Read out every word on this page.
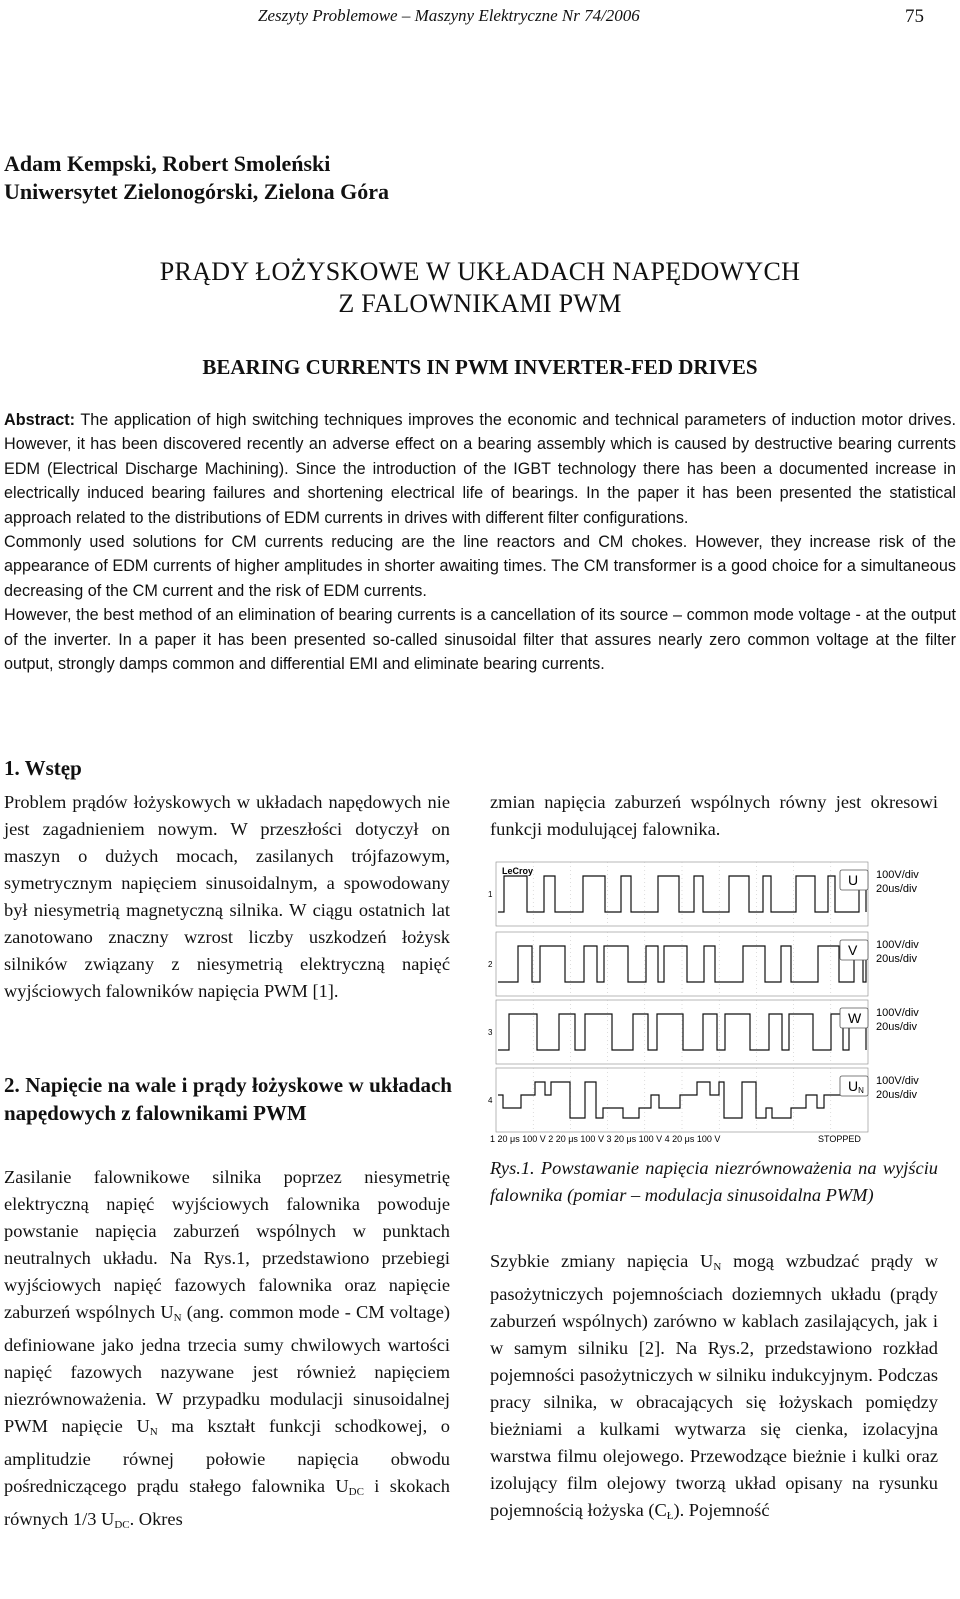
Zeszyty Problemowe – Maszyny Elektryczne Nr 74/2006	75
Adam Kempski, Robert Smoleński
Uniwersytet Zielonogórski, Zielona Góra
PRĄDY ŁOŻYSKOWE W UKŁADACH NAPĘDOWYCH
Z FALOWNIKAMI PWM
BEARING CURRENTS IN PWM INVERTER-FED DRIVES

Abstract: The application of high switching techniques improves the economic and technical parameters of induction motor drives. However, it has been discovered recently an adverse effect on a bearing assembly which is caused by destructive bearing currents EDM (Electrical Discharge Machining). Since the introduction of the IGBT technology there has been a documented increase in electrically induced bearing failures and shortening electrical life of bearings. In the paper it has been presented the statistical approach related to the distributions of EDM currents in drives with different filter configurations.

Commonly used solutions for CM currents reducing are the line reactors and CM chokes. However, they increase risk of the appearance of EDM currents of higher amplitudes in shorter awaiting times. The CM transformer is a good choice for a simultaneous decreasing of the CM current and the risk of EDM currents.

However, the best method of an elimination of bearing currents is a cancellation of its source – common mode voltage - at the output of the inverter. In a paper it has been presented so-called sinusoidal filter that assures nearly zero common voltage at the filter output, strongly damps common and differential EMI and eliminate bearing currents.

1. Wstęp
Problem prądów łożyskowych w układach napędowych nie jest zagadnieniem nowym. W przeszłości dotyczył on maszyn o dużych mocach, zasilanych trójfazowym, symetrycznym napięciem sinusoidalnym, a spowodowany był niesymetrią magnetyczną silnika. W ciągu ostatnich lat zanotowano znaczny wzrost liczby uszkodzeń łożysk silników związany z niesymetrią elektryczną napięć wyjściowych falowników napięcia PWM [1].
2. Napięcie na wale i prądy łożyskowe w układach napędowych z falownikami PWM
Zasilanie falownikowe silnika poprzez niesymetrię elektryczną napięć wyjściowych falownika powoduje powstanie napięcia zaburzeń wspólnych w punktach neutralnych układu. Na Rys.1, przedstawiono przebiegi wyjściowych napięć fazowych falownika oraz napięcie zaburzeń wspólnych $U_N$ (ang. common mode - CM voltage) definiowane jako jedna trzecia sumy chwilowych wartości napięć fazowych nazywane jest również napięciem niezrównoważenia. W przypadku modulacji sinusoidalnej PWM napięcie $U_N$ ma kształt funkcji schodkowej, o amplitudzie równej połowie napięcia obwodu pośredniczącego prądu stałego falownika $U_{DC}$ i skokach równych 1/3 $U_{DC}$. Okres
zmian napięcia zaburzeń wspólnych równy jest okresowi funkcji modulującej falownika.
LeCroy
1
U 100V/div
20us/div
2
V 100V/div
20us/div
3
W 100V/div
20us/div
4
UN
100V/div
20us/div
1 20 μs 100 V 2 20 μs 100 V 3 20 μs 100 V 4 20 μs 100 V	STOPPED
Rys.1. Powstawanie napięcia niezrównoważenia na wyjściu falownika (pomiar – modulacja sinusoidalna PWM)
Szybkie zmiany napięcia $U_N$ mogą wzbudzać prądy w pasożytniczych pojemnościach doziemnych układu (prądy zaburzeń wspólnych) zarówno w kablach zasilających, jak i w samym silniku [2]. Na Rys.2, przedstawiono rozkład pojemności pasożytniczych w silniku indukcyjnym. Podczas pracy silnika, w obracających się łożyskach pomiędzy bieżniami a kulkami wytwarza się cienka, izolacyjna warstwa filmu olejowego. Przewodzące bieżnie i kulki oraz izolujący film olejowy tworzą układ opisany na rysunku pojemnością łożyska $(C_Ł)$. Pojemność
